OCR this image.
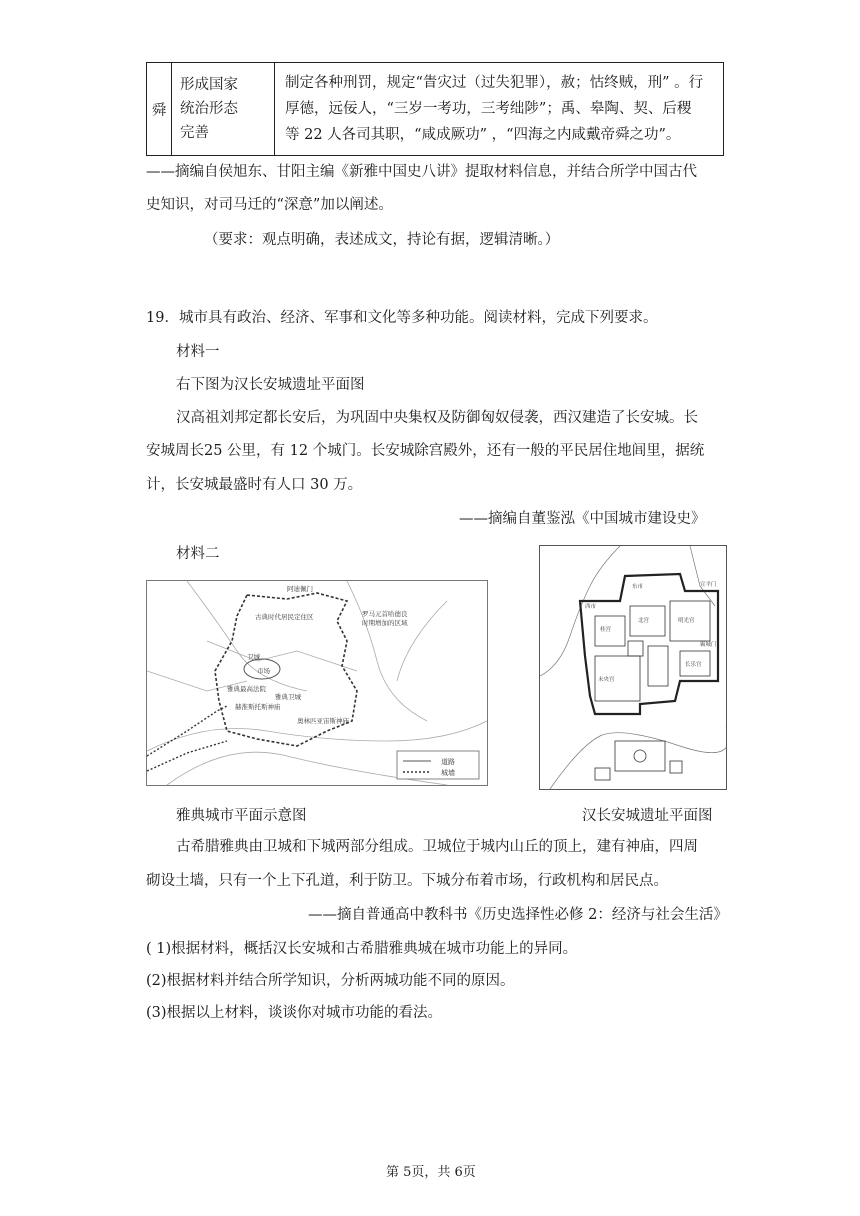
舜	
形成国家
统治形态
完善

制定各种刑罚，规定“眚灾过（过失犯罪），赦；怙终贼，刑” 。行
厚德，远佞人，“三岁一考功，三考绌陟”；禹、皋陶、契、后稷
等 22 人各司其职，“咸成厥功” ，“四海之内咸戴帝舜之功”。
——摘编自侯旭东、甘阳主编《新雅中国史八讲》提取材料信息，并结合所学中国古代
史知识，对司马迁的“深意”加以阐述。
（要求：观点明确，表述成文，持论有据，逻辑清晰。）
19．城市具有政治、经济、军事和文化等多种功能。阅读材料，完成下列要求。
材料一
右下图为汉长安城遗址平面图
汉高祖刘邦定都长安后，为巩固中央集权及防御匈奴侵袭，西汉建造了长安城。长
安城周长25 公里，有 12 个城门。长安城除宫殿外，还有一般的平民居住地闾里，据统
计，长安城最盛时有人口 30 万。
——摘编自董鉴泓《中国城市建设史》
材料二
阿迪佩门
古典时代居民定住区
卫城
罗马元首哈德良
时期增加的区域
市场
雅典最高法院
雅典卫城
赫淮斯托斯神庙
奥林匹亚宙斯神庙
道路
城墙
未央宫
长乐宫
桂宫
北宫	明光宫
西市
东市	宣平门
霸城门
雅典城市平面示意图	汉长安城遗址平面图
古希腊雅典由卫城和下城两部分组成。卫城位于城内山丘的顶上，建有神庙，四周
砌设土墙，只有一个上下孔道，利于防卫。下城分布着市场，行政机构和居民点。
——摘自普通高中教科书《历史选择性必修 2：经济与社会生活》
( 1)根据材料，概括汉长安城和古希腊雅典城在城市功能上的异同。
(2)根据材料并结合所学知识，分析两城功能不同的原因。
(3)根据以上材料，谈谈你对城市功能的看法。
第 5页，共 6页
